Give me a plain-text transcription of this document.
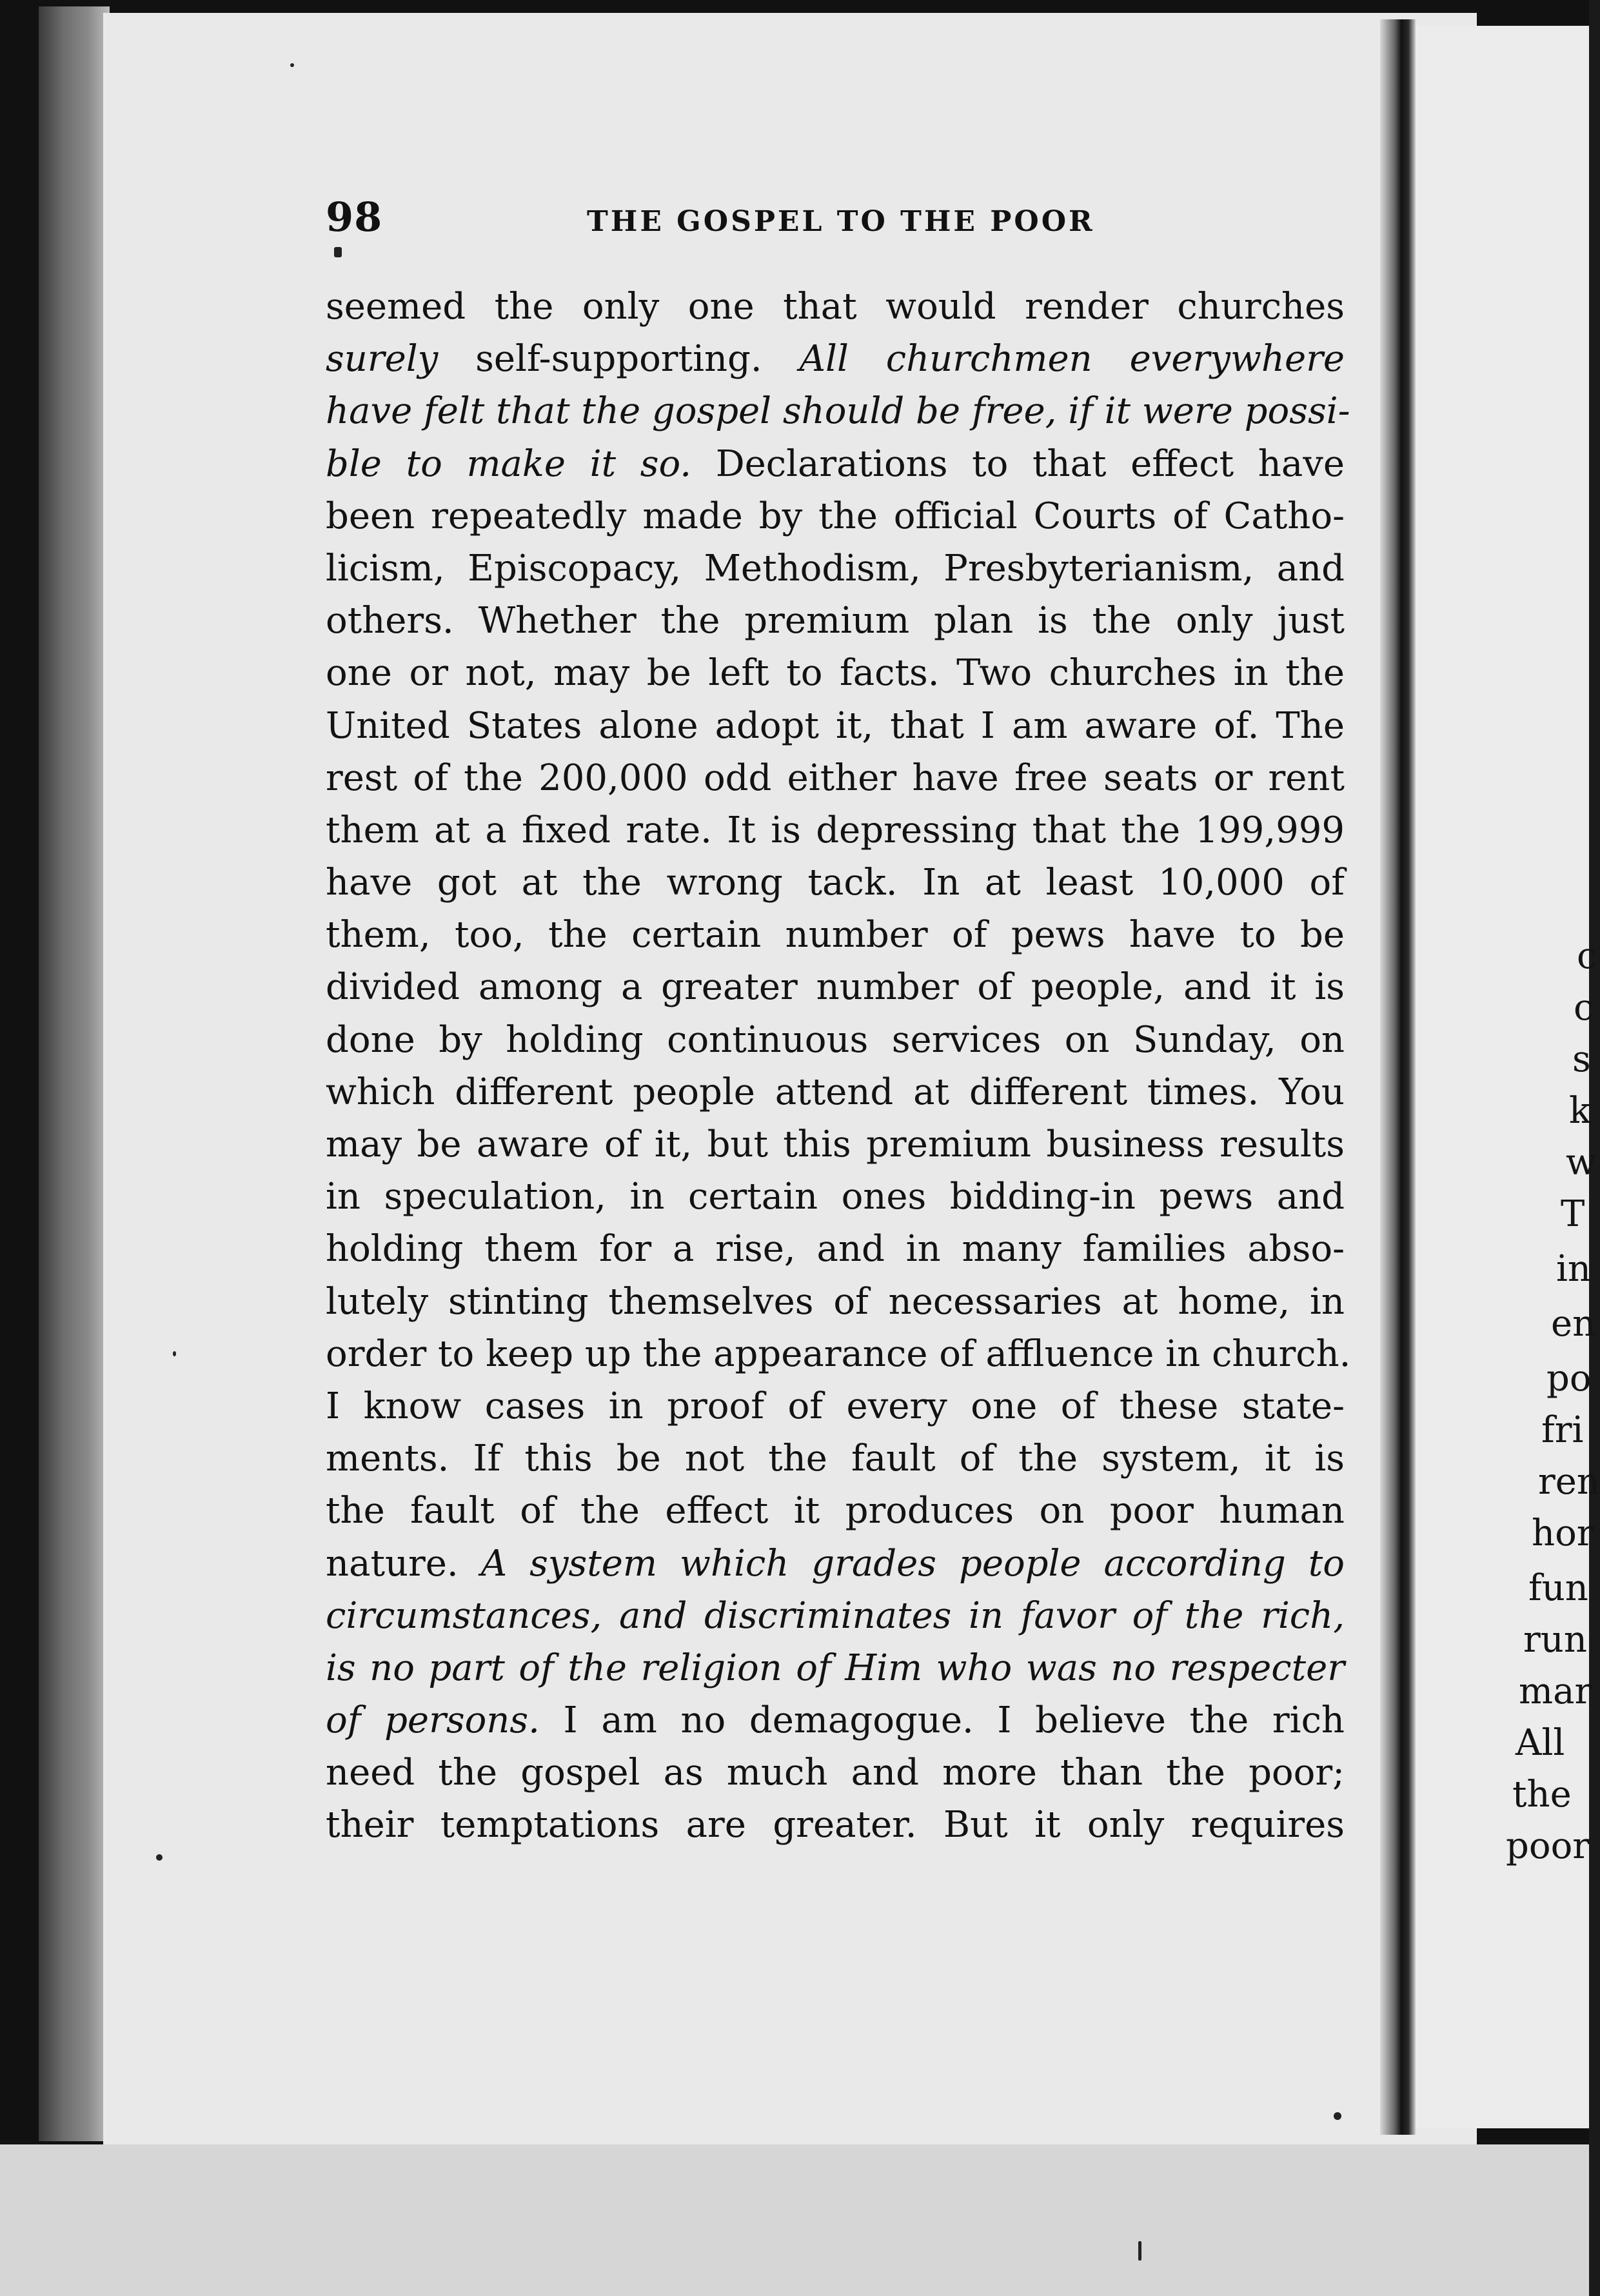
98	THE GOSPEL TO THE POOR
seemed the only one that would render churches
surely self-supporting. All churchmen everywhere
have felt that the gospel should be free, if it were possi-
ble to make it so. Declarations to that effect have
been repeatedly made by the official Courts of Catho-
licism, Episcopacy, Methodism, Presbyterianism, and
others. Whether the premium plan is the only just
one or not, may be left to facts. Two churches in the
United States alone adopt it, that I am aware of. The
rest of the 200,000 odd either have free seats or rent
them at a fixed rate. It is depressing that the 199,999
have got at the wrong tack. In at least 10,000 of
them, too, the certain number of pews have to be
divided among a greater number of people, and it is
done by holding continuous services on Sunday, on
which different people attend at different times. You
may be aware of it, but this premium business results
in speculation, in certain ones bidding-in pews and
holding them for a rise, and in many families abso-
lutely stinting themselves of necessaries at home, in
order to keep up the appearance of affluence in church.
I know cases in proof of every one of these state-
ments. If this be not the fault of the system, it is
the fault of the effect it produces on poor human
nature. A system which grades people according to
circumstances, and discriminates in favor of the rich,
is no part of the religion of Him who was no respecter
of persons. I am no demagogue. I believe the rich
need the gospel as much and more than the poor;
their temptations are greater. But it only requires
c
c
s
k
w
T
in
en
po
fri
ren
hor
fun
run
mar
All
the
poor
